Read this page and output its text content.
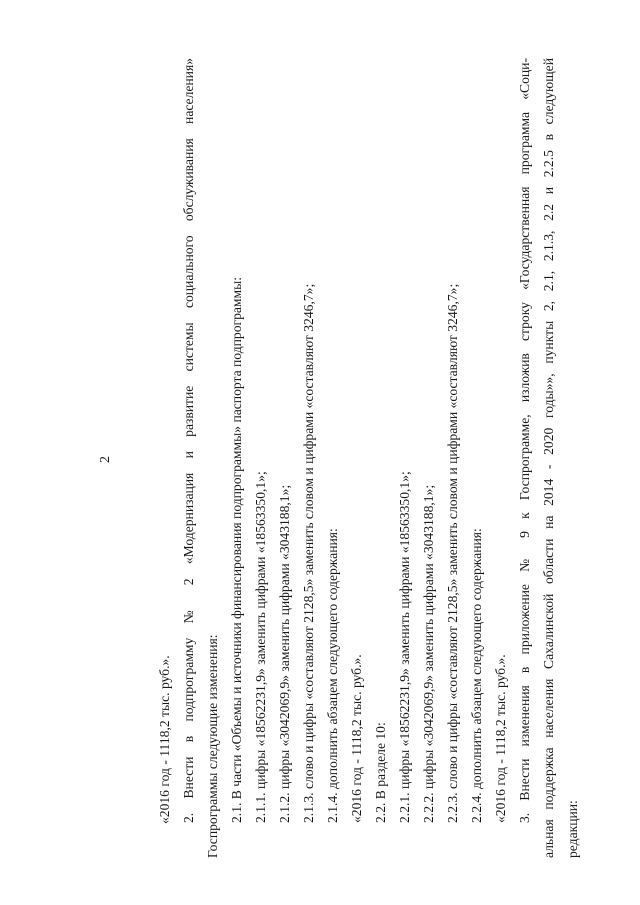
2
«2016 год - 1118,2 тыс. руб.». 2. Внести в подпрограмму № 2 «Модернизация и развитие системы социального обслуживания населения» Госпрограммы следующие изменения: 2.1. В части «Объемы и источники финансирования подпрограммы» паспорта подпрограммы: 2.1.1. цифры «18562231,9» заменить цифрами «18563350,1»; 2.1.2. цифры «3042069,9» заменить цифрами «3043188,1»; 2.1.3. слово и цифры «составляют 2128,5» заменить словом и цифрами «составляют 3246,7»; 2.1.4. дополнить абзацем следующего содержания: «2016 год - 1118,2 тыс. руб.». 2.2. В разделе 10: 2.2.1. цифры «18562231,9» заменить цифрами «18563350,1»; 2.2.2. цифры «3042069,9» заменить цифрами «3043188,1»; 2.2.3. слово и цифры «составляют 2128,5» заменить словом и цифрами «составляют 3246,7»; 2.2.4. дополнить абзацем следующего содержания: «2016 год - 1118,2 тыс. руб.». 3. Внести изменения в приложение № 9 к Госпрограмме, изложив строку «Государственная программа «Соци- альная поддержка населения Сахалинской области на 2014 - 2020 годы»», пункты 2, 2.1, 2.1.3, 2.2 и 2.2.5 в следующей редакции:
